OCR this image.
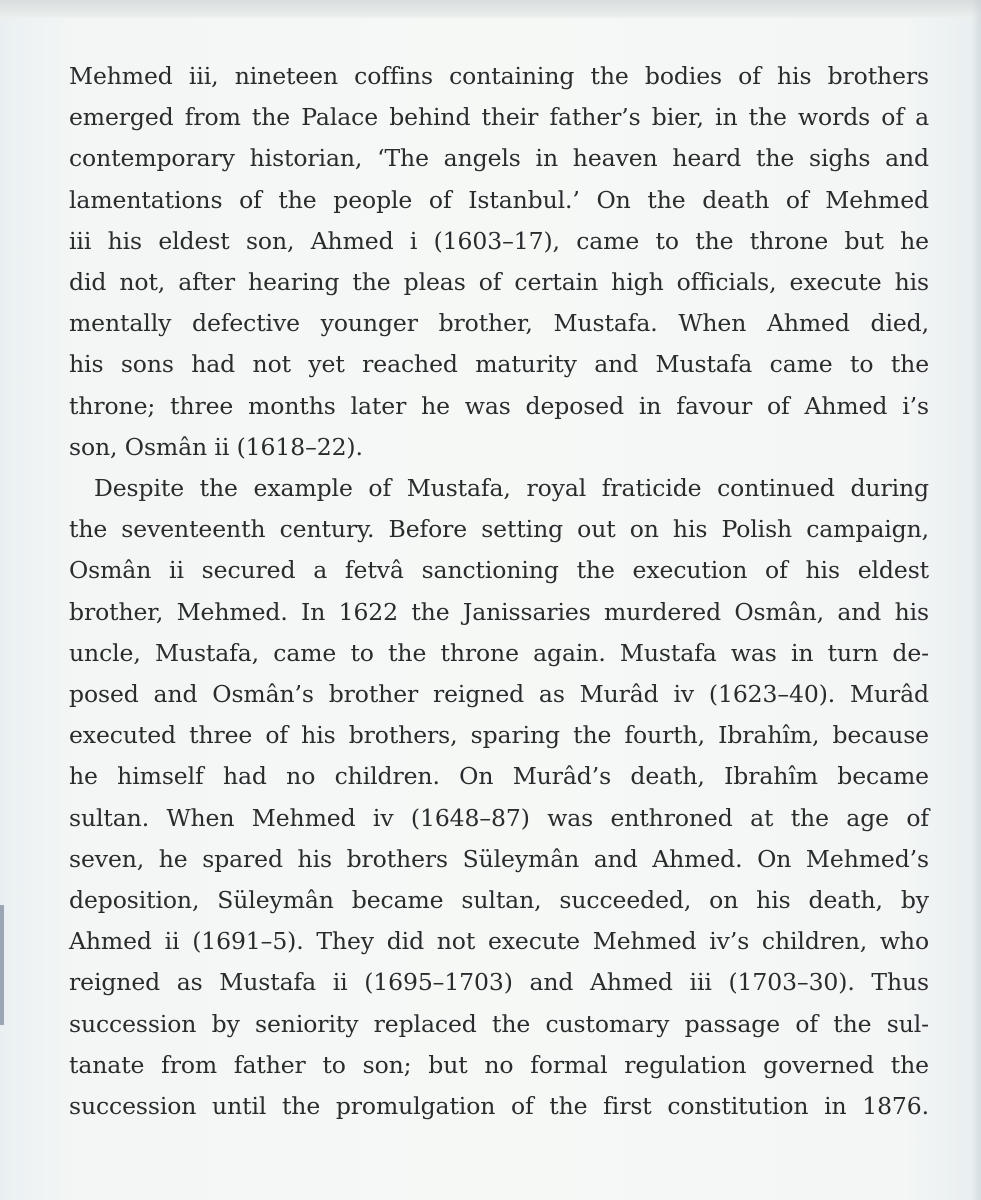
Mehmed iii, nineteen coffins containing the bodies of his brothers
emerged from the Palace behind their father’s bier, in the words of a
contemporary historian, ‘The angels in heaven heard the sighs and
lamentations of the people of Istanbul.’ On the death of Mehmed
iii his eldest son, Ahmed i (1603–17), came to the throne but he
did not, after hearing the pleas of certain high officials, execute his
mentally defective younger brother, Mustafa. When Ahmed died,
his sons had not yet reached maturity and Mustafa came to the
throne; three months later he was deposed in favour of Ahmed i’s
son, Osmân ii (1618–22).

Despite the example of Mustafa, royal fraticide continued during
the seventeenth century. Before setting out on his Polish campaign,
Osmân ii secured a fetvâ sanctioning the execution of his eldest
brother, Mehmed. In 1622 the Janissaries murdered Osmân, and his
uncle, Mustafa, came to the throne again. Mustafa was in turn de-
posed and Osmân’s brother reigned as Murâd iv (1623–40). Murâd
executed three of his brothers, sparing the fourth, Ibrahîm, because
he himself had no children. On Murâd’s death, Ibrahîm became
sultan. When Mehmed iv (1648–87) was enthroned at the age of
seven, he spared his brothers Süleymân and Ahmed. On Mehmed’s
deposition, Süleymân became sultan, succeeded, on his death, by
Ahmed ii (1691–5). They did not execute Mehmed iv’s children, who
reigned as Mustafa ii (1695–1703) and Ahmed iii (1703–30). Thus
succession by seniority replaced the customary passage of the sul-
tanate from father to son; but no formal regulation governed the
succession until the promulgation of the first constitution in 1876.
